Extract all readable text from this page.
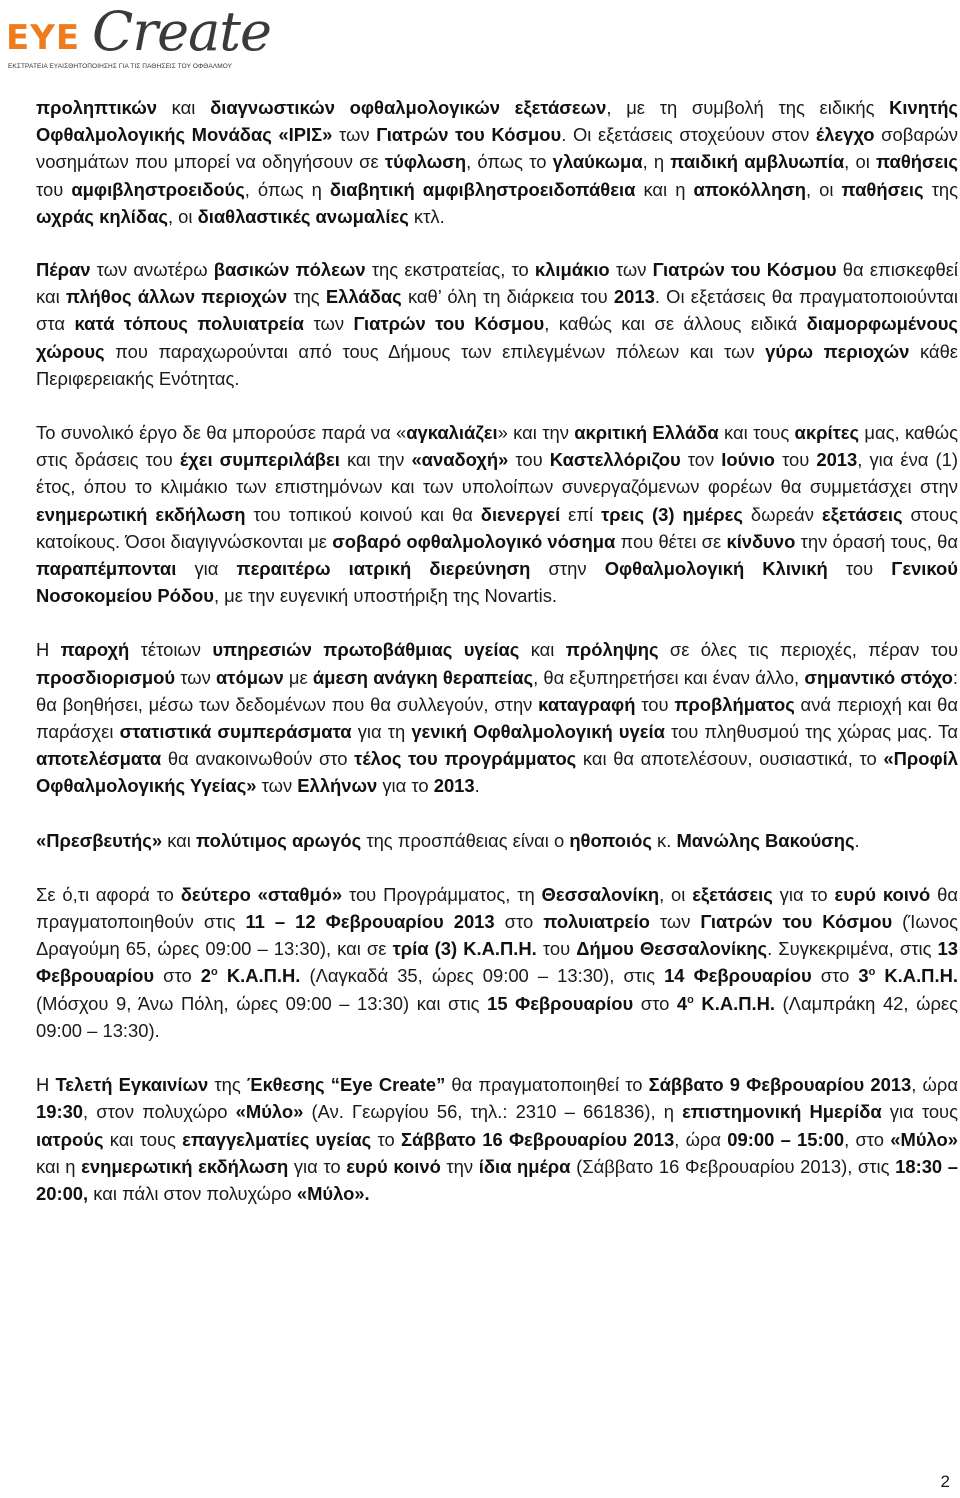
EYE Create
ΕΚΣΤΡΑΤΕΙΑ ΕΥΑΙΣΘΗΤΟΠΟΙΗΣΗΣ ΓΙΑ ΤΙΣ ΠΑΘΗΣΕΙΣ ΤΟΥ ΟΦΘΑΛΜΟΥ

προληπτικών και διαγνωστικών οφθαλμολογικών εξετάσεων, με τη συμβολή της ειδικής Κινητής Οφθαλμολογικής Μονάδας «ΙΡΙΣ» των Γιατρών του Κόσμου. Οι εξετάσεις στοχεύουν στον έλεγχο σοβαρών νοσημάτων που μπορεί να οδηγήσουν σε τύφλωση, όπως το γλαύκωμα, η παιδική αμβλυωπία, οι παθήσεις του αμφιβληστροειδούς, όπως η διαβητική αμφιβληστροειδοπάθεια και η αποκόλληση, οι παθήσεις της ωχράς κηλίδας, οι διαθλαστικές ανωμαλίες κτλ.

Πέραν των ανωτέρω βασικών πόλεων της εκστρατείας, το κλιμάκιο των Γιατρών του Κόσμου θα επισκεφθεί και πλήθος άλλων περιοχών της Ελλάδας καθ’ όλη τη διάρκεια του 2013. Οι εξετάσεις θα πραγματοποιούνται στα κατά τόπους πολυιατρεία των Γιατρών του Κόσμου, καθώς και σε άλλους ειδικά διαμορφωμένους χώρους που παραχωρούνται από τους Δήμους των επιλεγμένων πόλεων και των γύρω περιοχών κάθε Περιφερειακής Ενότητας.

Το συνολικό έργο δε θα μπορούσε παρά να «αγκαλιάζει» και την ακριτική Ελλάδα και τους ακρίτες μας, καθώς στις δράσεις του έχει συμπεριλάβει και την «αναδοχή» του Καστελλόριζου τον Ιούνιο του 2013, για ένα (1) έτος, όπου το κλιμάκιο των επιστημόνων και των υπολοίπων συνεργαζόμενων φορέων θα συμμετάσχει στην ενημερωτική εκδήλωση του τοπικού κοινού και θα διενεργεί επί τρεις (3) ημέρες δωρεάν εξετάσεις στους κατοίκους. Όσοι διαγιγνώσκονται με σοβαρό οφθαλμολογικό νόσημα που θέτει σε κίνδυνο την όρασή τους, θα παραπέμπονται για περαιτέρω ιατρική διερεύνηση στην Οφθαλμολογική Κλινική του Γενικού Νοσοκομείου Ρόδου, με την ευγενική υποστήριξη της Novartis.

Η παροχή τέτοιων υπηρεσιών πρωτοβάθμιας υγείας και πρόληψης σε όλες τις περιοχές, πέραν του προσδιορισμού των ατόμων με άμεση ανάγκη θεραπείας, θα εξυπηρετήσει και έναν άλλο, σημαντικό στόχο: θα βοηθήσει, μέσω των δεδομένων που θα συλλεγούν, στην καταγραφή του προβλήματος ανά περιοχή και θα παράσχει στατιστικά συμπεράσματα για τη γενική Οφθαλμολογική υγεία του πληθυσμού της χώρας μας. Τα αποτελέσματα θα ανακοινωθούν στο τέλος του προγράμματος και θα αποτελέσουν, ουσιαστικά, το «Προφίλ Οφθαλμολογικής Υγείας» των Ελλήνων για το 2013.

«Πρεσβευτής» και πολύτιμος αρωγός της προσπάθειας είναι ο ηθοποιός κ. Μανώλης Βακούσης.

Σε ό,τι αφορά το δεύτερο «σταθμό» του Προγράμματος, τη Θεσσαλονίκη, οι εξετάσεις για το ευρύ κοινό θα πραγματοποιηθούν στις 11 – 12 Φεβρουαρίου 2013 στο πολυιατρείο των Γιατρών του Κόσμου (Ίωνος Δραγούμη 65, ώρες 09:00 – 13:30), και σε τρία (3) Κ.Α.Π.Η. του Δήμου Θεσσαλονίκης. Συγκεκριμένα, στις 13 Φεβρουαρίου στο $2^o$ Κ.Α.Π.Η. (Λαγκαδά 35, ώρες 09:00 – 13:30), στις 14 Φεβρουαρίου στο $3^o$ Κ.Α.Π.Η. (Μόσχου 9, Άνω Πόλη, ώρες 09:00 – 13:30) και στις 15 Φεβρουαρίου στο $4^o$ Κ.Α.Π.Η. (Λαμπράκη 42, ώρες 09:00 – 13:30).

Η Τελετή Εγκαινίων της Έκθεσης “Eye Create” θα πραγματοποιηθεί το Σάββατο 9 Φεβρουαρίου 2013, ώρα 19:30, στον πολυχώρο «Μύλο» (Αν. Γεωργίου 56, τηλ.: 2310 – 661836), η επιστημονική Ημερίδα για τους ιατρούς και τους επαγγελματίες υγείας το Σάββατο 16 Φεβρουαρίου 2013, ώρα 09:00 – 15:00, στο «Μύλο» και η ενημερωτική εκδήλωση για το ευρύ κοινό την ίδια ημέρα (Σάββατο 16 Φεβρουαρίου 2013), στις 18:30 – 20:00, και πάλι στον πολυχώρο «Μύλο».

2
